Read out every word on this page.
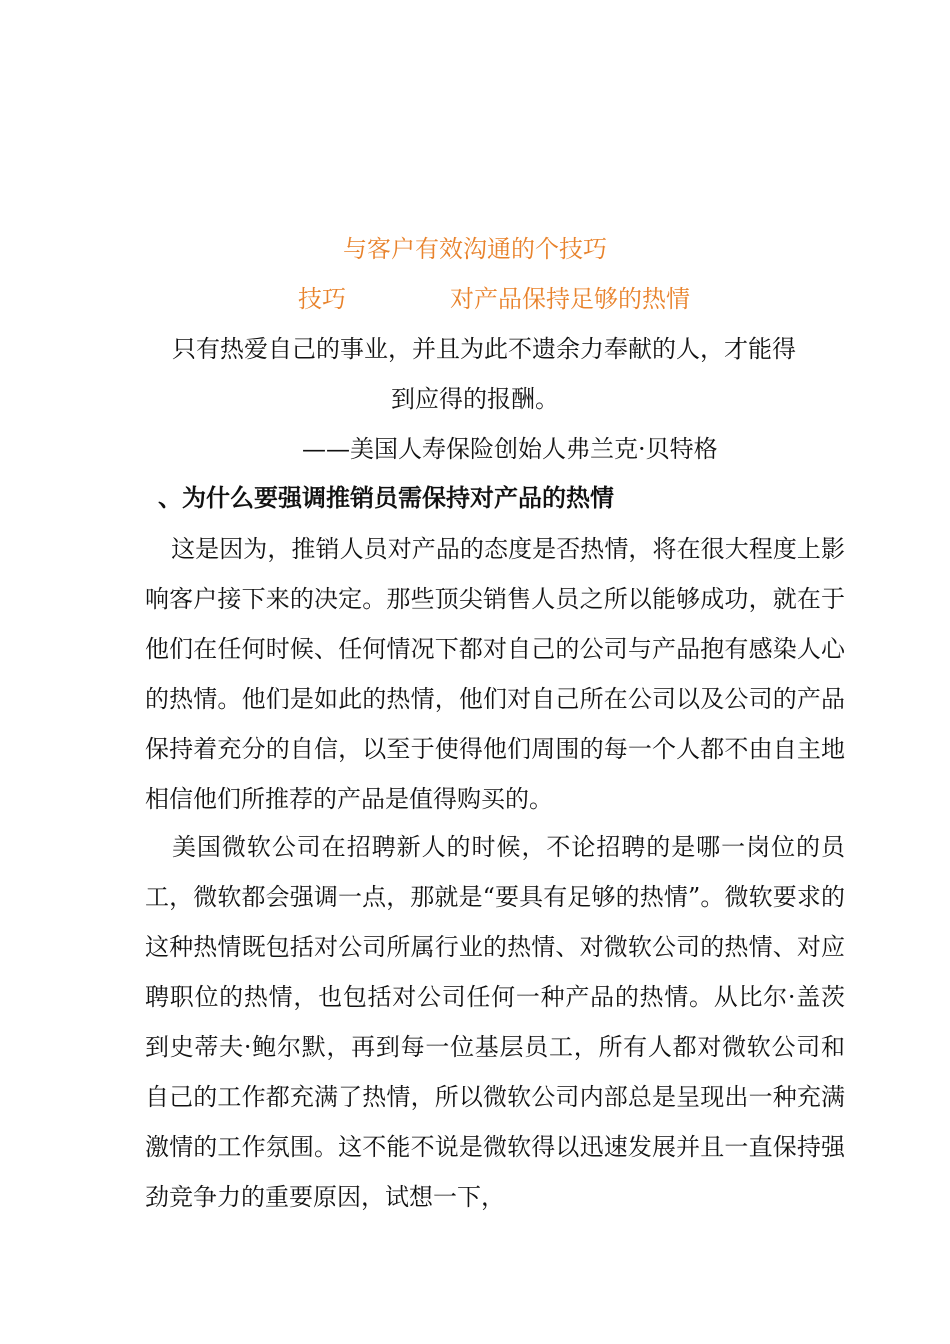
与客户有效沟通的个技巧
技巧	对产品保持足够的热情
只有热爱自己的事业，并且为此不遗余力奉献的人，才能得
到应得的报酬。
——美国人寿保险创始人弗兰克·贝特格
、为什么要强调推销员需保持对产品的热情

这是因为，推销人员对产品的态度是否热情，将在很大程度上影响客户接下来的决定。那些顶尖销售人员之所以能够成功，就在于他们在任何时候、任何情况下都对自己的公司与产品抱有感染人心的热情。他们是如此的热情，他们对自己所在公司以及公司的产品保持着充分的自信，以至于使得他们周围的每一个人都不由自主地相信他们所推荐的产品是值得购买的。

美国微软公司在招聘新人的时候，不论招聘的是哪一岗位的员工，微软都会强调一点，那就是“要具有足够的热情”。微软要求的这种热情既包括对公司所属行业的热情、对微软公司的热情、对应聘职位的热情，也包括对公司任何一种产品的热情。从比尔·盖茨到史蒂夫·鲍尔默，再到每一位基层员工，所有人都对微软公司和自己的工作都充满了热情，所以微软公司内部总是呈现出一种充满激情的工作氛围。这不能不说是微软得以迅速发展并且一直保持强劲竞争力的重要原因，试想一下，
